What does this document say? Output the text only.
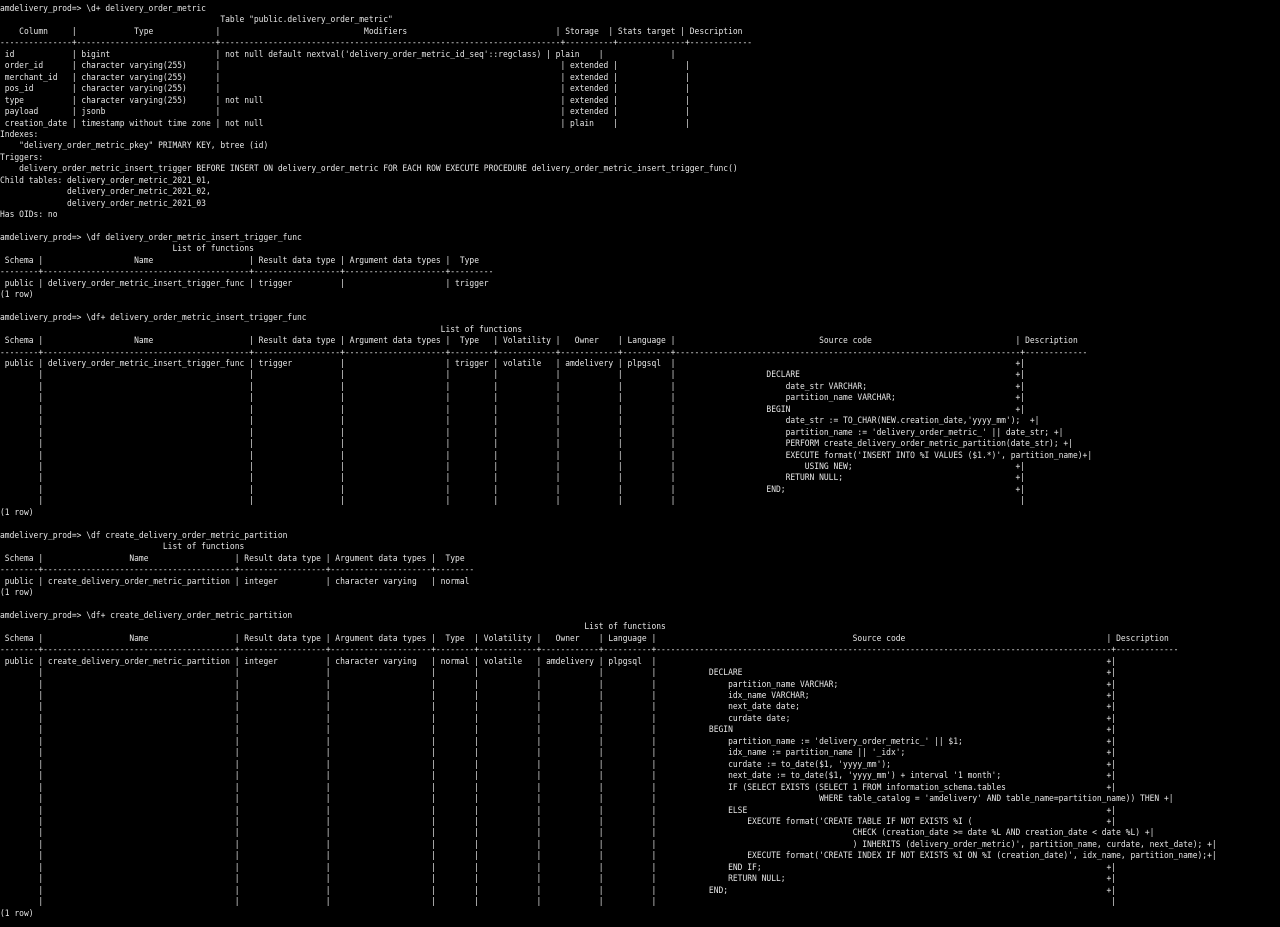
amdelivery_prod=> \d+ delivery_order_metric
Table "public.delivery_order_metric"
Column     |            Type             |                              Modifiers                               | Storage  | Stats target | Description
---------------+-----------------------------+-----------------------------------------------------------------------+----------+--------------+-------------
id            | bigint                      | not null default nextval('delivery_order_metric_id_seq'::regclass) | plain    |              |
order_id      | character varying(255)      |                                                                       | extended |              |
merchant_id   | character varying(255)      |                                                                       | extended |              |
pos_id        | character varying(255)      |                                                                       | extended |              |
type          | character varying(255)      | not null                                                              | extended |              |
payload       | jsonb                       |                                                                       | extended |              |
creation_date | timestamp without time zone | not null                                                              | plain    |              |
Indexes:
"delivery_order_metric_pkey" PRIMARY KEY, btree (id)
Triggers:
delivery_order_metric_insert_trigger BEFORE INSERT ON delivery_order_metric FOR EACH ROW EXECUTE PROCEDURE delivery_order_metric_insert_trigger_func()
Child tables: delivery_order_metric_2021_01,
delivery_order_metric_2021_02,
delivery_order_metric_2021_03
Has OIDs: no
amdelivery_prod=> \df delivery_order_metric_insert_trigger_func
List of functions
Schema |                   Name                    | Result data type | Argument data types |  Type
--------+-------------------------------------------+------------------+---------------------+---------
public | delivery_order_metric_insert_trigger_func | trigger          |                     | trigger
(1 row)
amdelivery_prod=> \df+ delivery_order_metric_insert_trigger_func
List of functions
Schema |                   Name                    | Result data type | Argument data types |  Type   | Volatility |   Owner    | Language |                              Source code                              | Description
--------+-------------------------------------------+------------------+---------------------+---------+------------+------------+----------+------------------------------------------------------------------------+-------------
public | delivery_order_metric_insert_trigger_func | trigger          |                     | trigger | volatile   | amdelivery | plpgsql  |                                                                       +|
|                                           |                  |                     |         |            |            |          |                   DECLARE                                             +|
|                                           |                  |                     |         |            |            |          |                       date_str VARCHAR;                               +|
|                                           |                  |                     |         |            |            |          |                       partition_name VARCHAR;                         +|
|                                           |                  |                     |         |            |            |          |                   BEGIN                                               +|
|                                           |                  |                     |         |            |            |          |                       date_str := TO_CHAR(NEW.creation_date,'yyyy_mm');  +|
|                                           |                  |                     |         |            |            |          |                       partition_name := 'delivery_order_metric_' || date_str; +|
|                                           |                  |                     |         |            |            |          |                       PERFORM create_delivery_order_metric_partition(date_str); +|
|                                           |                  |                     |         |            |            |          |                       EXECUTE format('INSERT INTO %I VALUES ($1.*)', partition_name)+|
|                                           |                  |                     |         |            |            |          |                           USING NEW;                                  +|
|                                           |                  |                     |         |            |            |          |                       RETURN NULL;                                    +|
|                                           |                  |                     |         |            |            |          |                   END;                                                +|
|                                           |                  |                     |         |            |            |          |                                                                        |
(1 row)
amdelivery_prod=> \df create_delivery_order_metric_partition
List of functions
Schema |                  Name                  | Result data type | Argument data types |  Type
--------+----------------------------------------+------------------+---------------------+--------
public | create_delivery_order_metric_partition | integer          | character varying   | normal
(1 row)
amdelivery_prod=> \df+ create_delivery_order_metric_partition
List of functions
Schema |                  Name                  | Result data type | Argument data types |  Type  | Volatility |   Owner    | Language |                                         Source code                                          | Description
--------+----------------------------------------+------------------+---------------------+--------+------------+------------+----------+-----------------------------------------------------------------------------------------------+-------------
public | create_delivery_order_metric_partition | integer          | character varying   | normal | volatile   | amdelivery | plpgsql  |                                                                                              +|
|                                        |                  |                     |        |            |            |          |           DECLARE                                                                            +|
|                                        |                  |                     |        |            |            |          |               partition_name VARCHAR;                                                        +|
|                                        |                  |                     |        |            |            |          |               idx_name VARCHAR;                                                              +|
|                                        |                  |                     |        |            |            |          |               next_date date;                                                                +|
|                                        |                  |                     |        |            |            |          |               curdate date;                                                                  +|
|                                        |                  |                     |        |            |            |          |           BEGIN                                                                              +|
|                                        |                  |                     |        |            |            |          |               partition_name := 'delivery_order_metric_' || $1;                              +|
|                                        |                  |                     |        |            |            |          |               idx_name := partition_name || '_idx';                                          +|
|                                        |                  |                     |        |            |            |          |               curdate := to_date($1, 'yyyy_mm');                                             +|
|                                        |                  |                     |        |            |            |          |               next_date := to_date($1, 'yyyy_mm') + interval '1 month';                      +|
|                                        |                  |                     |        |            |            |          |               IF (SELECT EXISTS (SELECT 1 FROM information_schema.tables                     +|
|                                        |                  |                     |        |            |            |          |                                  WHERE table_catalog = 'amdelivery' AND table_name=partition_name)) THEN +|
|                                        |                  |                     |        |            |            |          |               ELSE                                                                           +|
|                                        |                  |                     |        |            |            |          |                   EXECUTE format('CREATE TABLE IF NOT EXISTS %I (                            +|
|                                        |                  |                     |        |            |            |          |                                         CHECK (creation_date >= date %L AND creation_date < date %L) +|
|                                        |                  |                     |        |            |            |          |                                         ) INHERITS (delivery_order_metric)', partition_name, curdate, next_date); +|
|                                        |                  |                     |        |            |            |          |                   EXECUTE format('CREATE INDEX IF NOT EXISTS %I ON %I (creation_date)', idx_name, partition_name);+|
|                                        |                  |                     |        |            |            |          |               END IF;                                                                        +|
|                                        |                  |                     |        |            |            |          |               RETURN NULL;                                                                   +|
|                                        |                  |                     |        |            |            |          |           END;                                                                               +|
|                                        |                  |                     |        |            |            |          |                                                                                               |
(1 row)
